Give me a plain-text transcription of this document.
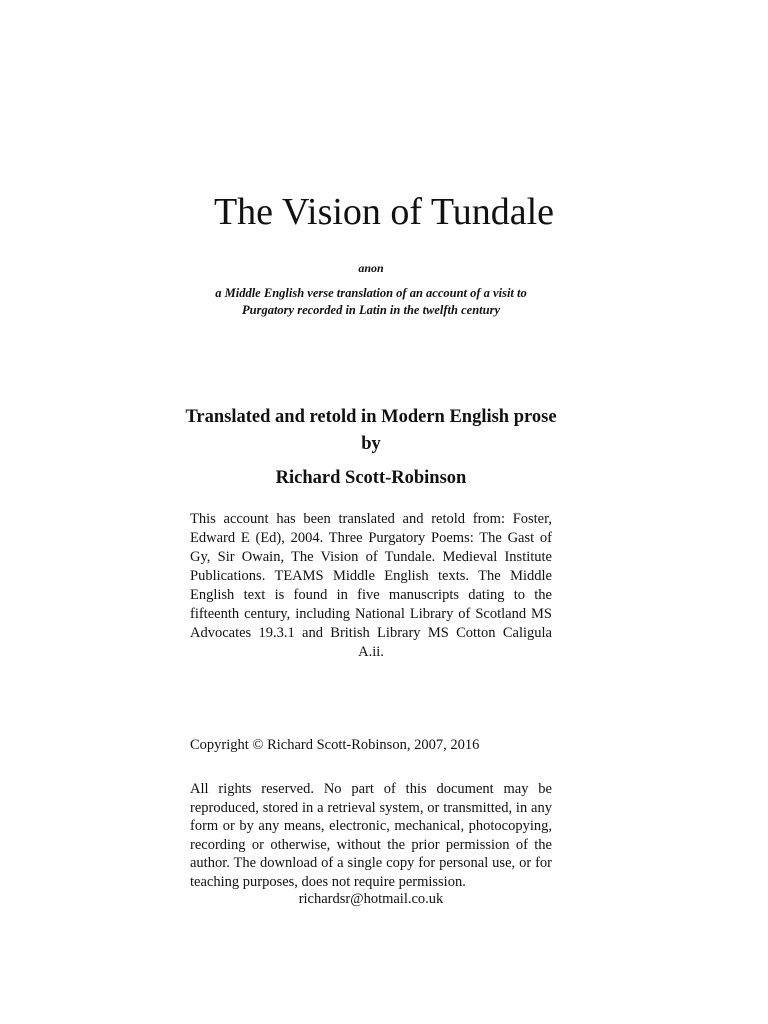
The Vision of Tundale
anon
a Middle English verse translation of an account of a visit to Purgatory recorded in Latin in the twelfth century
Translated and retold in Modern English prose
by
Richard Scott-Robinson
This account has been translated and retold from: Foster, Edward E (Ed), 2004. Three Purgatory Poems: The Gast of Gy, Sir Owain, The Vision of Tundale. Medieval Institute Publications. TEAMS Middle English texts. The Middle English text is found in five manuscripts dating to the fifteenth century, including National Library of Scotland MS Advocates 19.3.1 and British Library MS Cotton Caligula A.ii.
Copyright © Richard Scott-Robinson, 2007, 2016
All rights reserved. No part of this document may be reproduced, stored in a retrieval system, or transmitted, in any form or by any means, electronic, mechanical, photocopying, recording or otherwise, without the prior permission of the author. The download of a single copy for personal use, or for teaching purposes, does not require permission.
richardsr@hotmail.co.uk
